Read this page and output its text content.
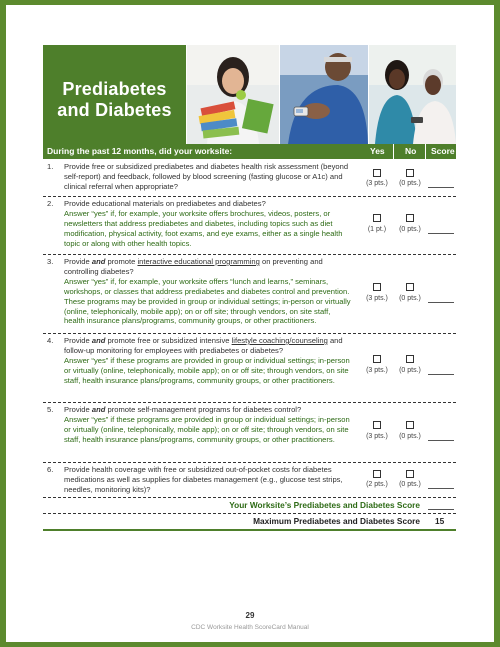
Prediabetes
and Diabetes
During the past 12 months, did your worksite:	Yes No Score
1. Provide free or subsidized prediabetes and diabetes health risk assessment (beyond self-report) and feedback, followed by blood screening (fasting glucose or A1c) and clinical referral when appropriate?	(3 pts.)	(0 pts.)
2. Provide educational materials on prediabetes and diabetes?
Answer “yes” if, for example, your worksite offers brochures, videos, posters, or newsletters that address prediabetes and diabetes, including topics such as diet modification, physical activity, foot exams, and eye exams, either as a single health topic or along with other health topics.
(1 pt.)	(0 pts.)
3. Provide and promote interactive educational programming on preventing and controlling diabetes?
Answer “yes” if, for example, your worksite offers “lunch and learns,” seminars, workshops, or classes that address prediabetes and diabetes control and prevention. These programs may be provided in group or individual settings; in-person or virtually (online, telephonically, mobile app); on or off site; through vendors, on site staff, health insurance plans/programs, community groups, or other practitioners.
(3 pts.)	(0 pts.)
4. Provide and promote free or subsidized intensive lifestyle coaching/counseling and follow-up monitoring for employees with prediabetes or diabetes?
Answer “yes” if these programs are provided in group or individual settings; in-person or virtually (online, telephonically, mobile app); on or off site; through vendors, on site staff, health insurance plans/programs, community groups, or other practitioners.
(3 pts.)	(0 pts.)
5. Provide and promote self-management programs for diabetes control?
Answer “yes” if these programs are provided in group or individual settings; in-person or virtually (online, telephonically, mobile app); on or off site; through vendors, on site staff, health insurance plans/programs, community groups, or other practitioners.	(3 pts.)	(0 pts.)
6. Provide health coverage with free or subsidized out-of-pocket costs for diabetes medications as well as supplies for diabetes management (e.g., glucose test strips, needles, monitoring kits)?
(2 pts.)	(0 pts.)
Your Worksite’s Prediabetes and Diabetes Score
Maximum Prediabetes and Diabetes Score 15
29
CDC Worksite Health ScoreCard Manual
